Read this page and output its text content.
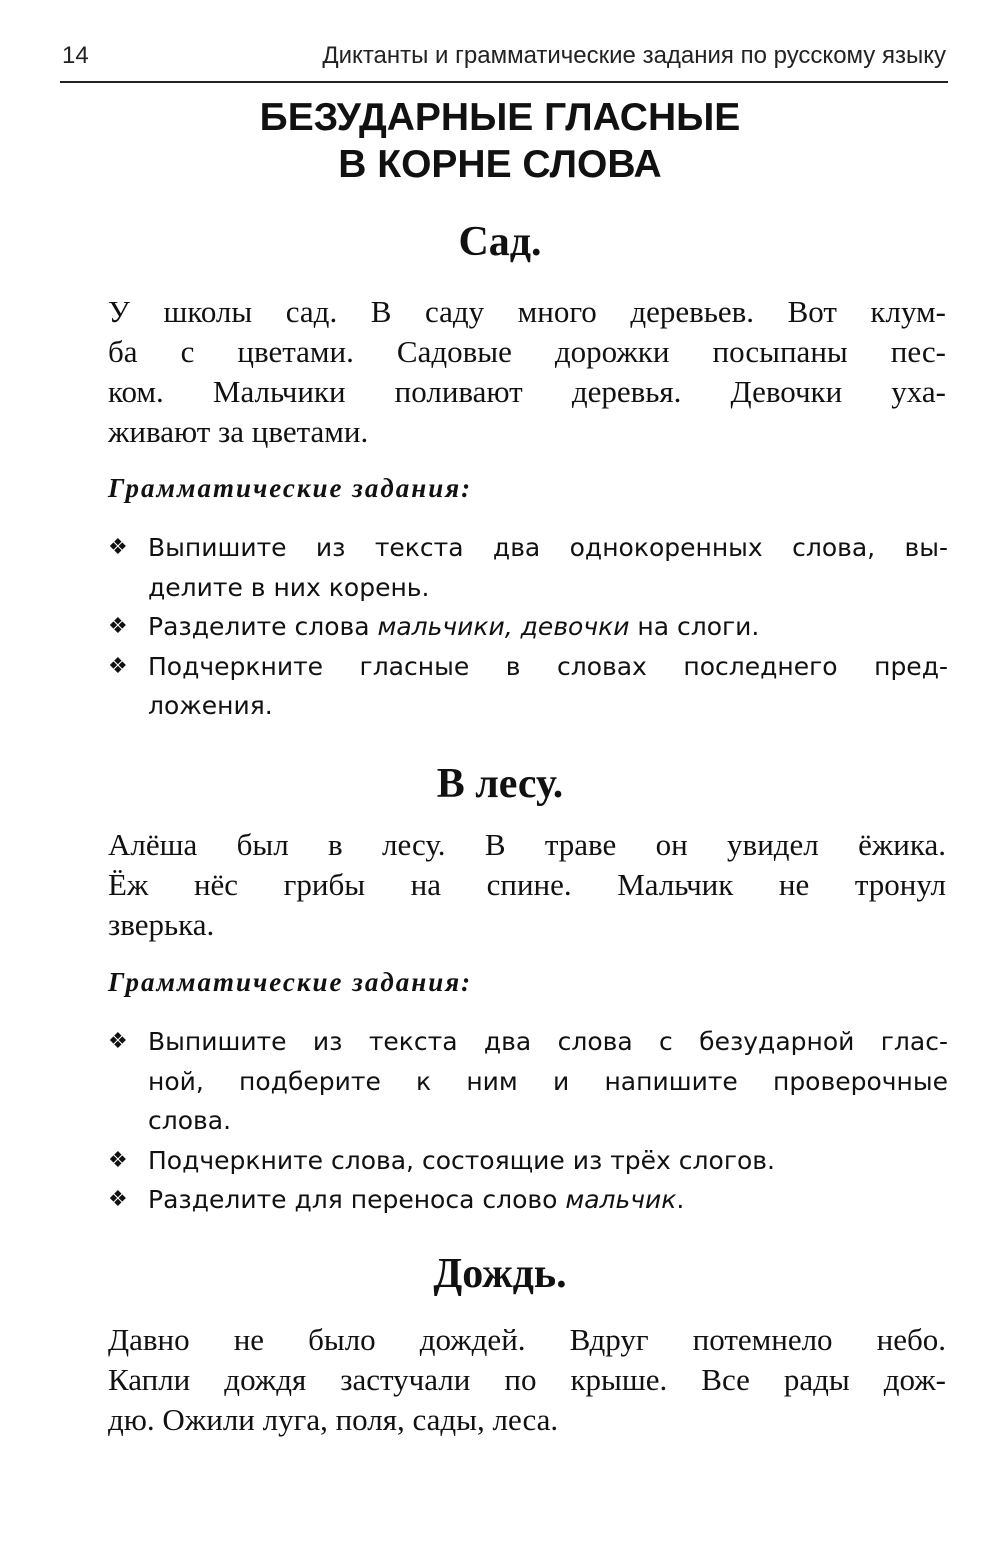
14	Диктанты и грамматические задания по русскому языку
БЕЗУДАРНЫЕ ГЛАСНЫЕ
В КОРНЕ СЛОВА
Сад.
У школы сад. В саду много деревьев. Вот клум-
ба с цветами. Садовые дорожки посыпаны пес-
ком. Мальчики поливают деревья. Девочки уха-
живают за цветами.
Грамматические задания:
❖ Выпишите из текста два однокоренных слова, вы-
делите в них корень.
❖ Разделите слова мальчики, девочки на слоги.
❖ Подчеркните гласные в словах последнего пред-
ложения.
В лесу.
Алёша был в лесу. В траве он увидел ёжика.
Ёж нёс грибы на спине. Мальчик не тронул
зверька.
Грамматические задания:
❖ Выпишите из текста два слова с безударной глас-
ной, подберите к ним и напишите проверочные
слова.
❖ Подчеркните слова, состоящие из трёх слогов.
❖ Разделите для переноса слово мальчик.
Дождь.
Давно не было дождей. Вдруг потемнело небо.
Капли дождя застучали по крыше. Все рады дож-
дю. Ожили луга, поля, сады, леса.
